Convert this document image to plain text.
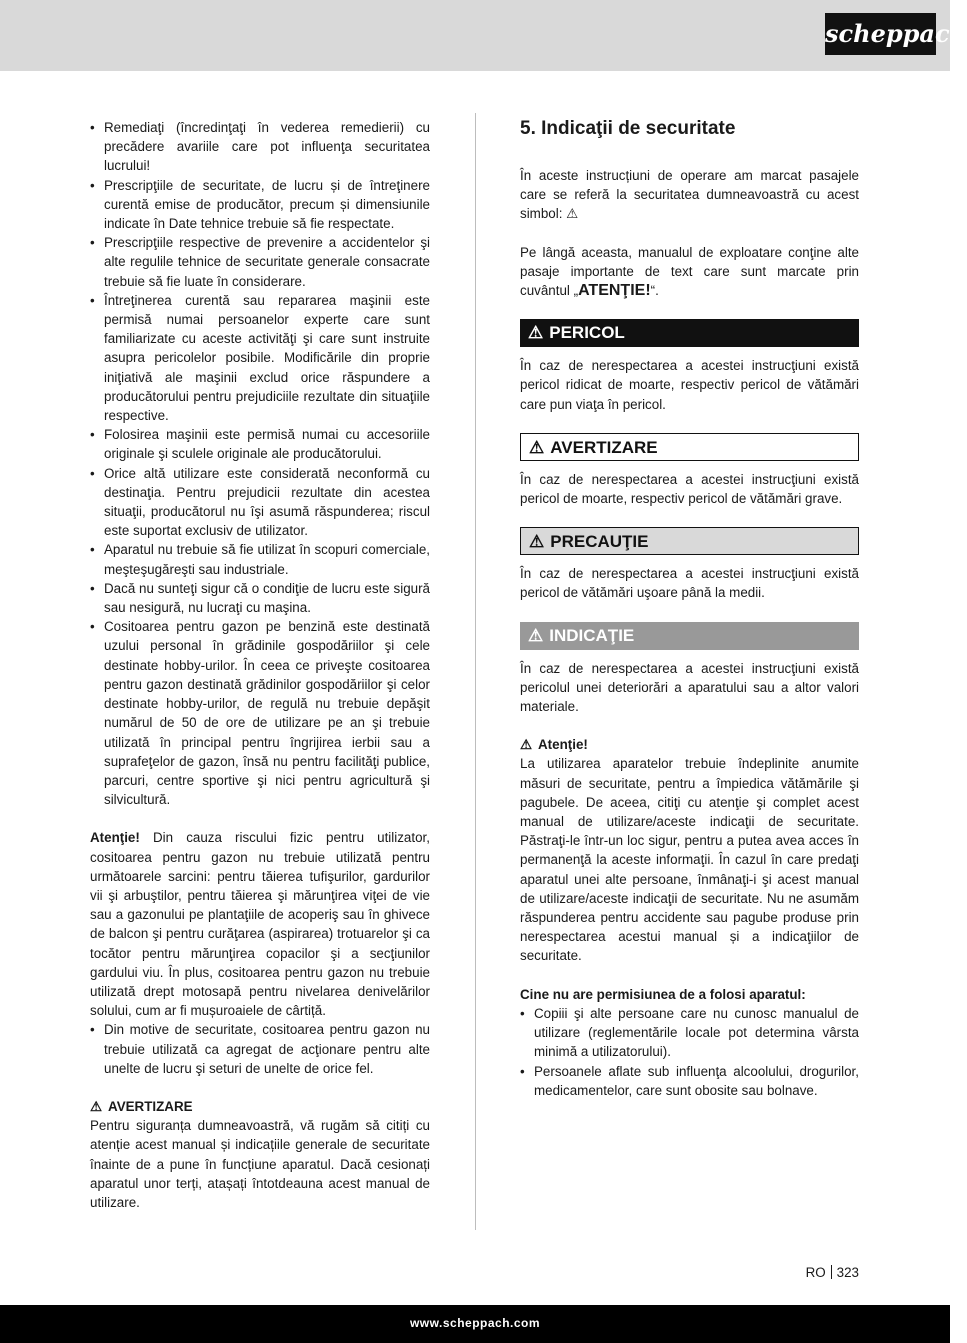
scheppach
• Remediaţi (încredinţaţi în vederea remedierii) cu precădere avariile care pot influenţa securitatea lucrului!
• Prescripţiile de securitate, de lucru și de întreţinere curentă emise de producător, precum și dimensiunile indicate în Date tehnice trebuie să fie respectate.
• Prescripţiile respective de prevenire a accidentelor şi alte regulile tehnice de securitate generale consacrate trebuie să fie luate în considerare.
• Întreţinerea curentă sau repararea maşinii este permisă numai persoanelor experte care sunt familiarizate cu aceste activităţi şi care sunt instruite asupra pericolelor posibile. Modificările din proprie iniţiativă ale maşinii exclud orice răspundere a producătorului pentru prejudiciile rezultate din situaţiile respective.
• Folosirea maşinii este permisă numai cu accesoriile originale şi sculele originale ale producătorului.
• Orice altă utilizare este considerată neconformă cu destinaţia. Pentru prejudicii rezultate din acestea situaţii, producătorul nu îşi asumă răspunderea; riscul este suportat exclusiv de utilizator.
• Aparatul nu trebuie să fie utilizat în scopuri comerciale, meşteşugăreşti sau industriale.
• Dacă nu sunteţi sigur că o condiţie de lucru este sigură sau nesigură, nu lucraţi cu maşina.
• Cositoarea pentru gazon pe benzină este destinată uzului personal în grădinile gospodăriilor şi cele destinate hobby-urilor. În ceea ce priveşte cositoarea pentru gazon destinată grădinilor gospodăriilor şi celor destinate hobby-urilor, de regulă nu trebuie depăşit numărul de 50 de ore de utilizare pe an şi trebuie utilizată în principal pentru îngrijirea ierbii sau a suprafeţelor de gazon, însă nu pentru facilităţi publice, parcuri, centre sportive şi nici pentru agricultură şi silvicultură.

Atenţie! Din cauza riscului fizic pentru utilizator, cositoarea pentru gazon nu trebuie utilizată pentru următoarele sarcini: pentru tăierea tufişurilor, gardurilor vii şi arbuştilor, pentru tăierea şi mărunţirea viţei de vie sau a gazonului pe plantaţiile de acoperiş sau în ghivece de balcon şi pentru curăţarea (aspirarea) trotuarelor şi ca tocător pentru mărunţirea copacilor şi a secţiunilor gardului viu. În plus, cositoarea pentru gazon nu trebuie utilizată drept motosapă pentru nivelarea denivelărilor solului, cum ar fi mușuroaiele de cârtiță.

• Din motive de securitate, cositoarea pentru gazon nu trebuie utilizată ca agregat de acţionare pentru alte unelte de lucru şi seturi de unelte de orice fel.

⚠ AVERTIZARE

Pentru siguranța dumneavoastră, vă rugăm să citiți cu atenție acest manual și indicațiile generale de securitate înainte de a pune în funcțiune aparatul. Dacă cesionați aparatul unor terți, atașați întotdeauna acest manual de utilizare.

5. Indicaţii de securitate

În aceste instrucțiuni de operare am marcat pasajele care se referă la securitatea dumneavoastră cu acest simbol: ⚠

Pe lângă aceasta, manualul de exploatare conţine alte pasaje importante de text care sunt marcate prin cuvântul „ATENŢIE!“.

⚠ PERICOL

În caz de nerespectarea a acestei instrucţiuni există pericol ridicat de moarte, respectiv pericol de vătămări care pun viaţa în pericol.

⚠ AVERTIZARE

În caz de nerespectarea a acestei instrucţiuni există pericol de moarte, respectiv pericol de vătămări grave.

⚠ PRECAUŢIE

În caz de nerespectarea a acestei instrucţiuni există pericol de vătămări uşoare până la medii.

⚠ INDICAŢIE

În caz de nerespectarea a acestei instrucţiuni există pericolul unei deteriorări a aparatului sau a altor valori materiale.

⚠ Atenţie!

La utilizarea aparatelor trebuie îndeplinite anumite măsuri de securitate, pentru a împiedica vătămările şi pagubele. De aceea, citiţi cu atenţie şi complet acest manual de utilizare/aceste indicaţii de securitate. Păstraţi-le într-un loc sigur, pentru a putea avea acces în permanenţă la aceste informaţii. În cazul în care predaţi aparatul unei alte persoane, înmânaţi-i şi acest manual de utilizare/aceste indicaţii de securitate. Nu ne asumăm răspunderea pentru accidente sau pagube produse prin nerespectarea acestui manual și a indicaţiilor de securitate.

Cine nu are permisiunea de a folosi aparatul:

• Copiii şi alte persoane care nu cunosc manualul de utilizare (reglementările locale pot determina vârsta minimă a utilizatorului).
• Persoanele aflate sub influenţa alcoolului, drogurilor, medicamentelor, care sunt obosite sau bolnave.
RO 323
www.scheppach.com
